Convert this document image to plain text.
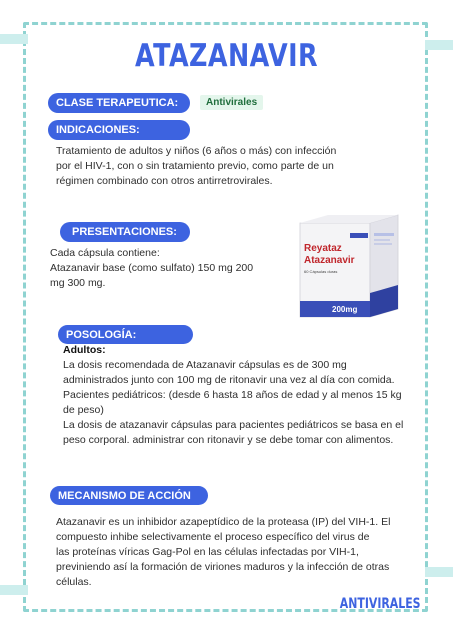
ATAZANAVIR
CLASE TERAPEUTICA:	Antivirales
INDICACIONES:
Tratamiento de adultos y niños (6 años o más) con infección
por el HIV-1, con o sin tratamiento previo, como parte de un
régimen combinado con otros antirretrovirales.
PRESENTACIONES:
Cada cápsula contiene:
Atazanavir base (como sulfato) 150 mg 200
mg 300 mg.
Reyataz
Atazanavir
60 Cápsulas duras
200mg
POSOLOGÍA:
Adultos:
La dosis recomendada de Atazanavir cápsulas es de 300 mg
administrados junto con 100 mg de ritonavir una vez al día con comida.
Pacientes pediátricos: (desde 6 hasta 18 años de edad y al menos 15 kg
de peso)
La dosis de atazanavir cápsulas para pacientes pediátricos se basa en el
peso corporal. administrar con ritonavir y se debe tomar con alimentos.
MECANISMO DE ACCIÓN
Atazanavir es un inhibidor azapeptídico de la proteasa (IP) del VIH-1. El
compuesto inhibe selectivamente el proceso específico del virus de
las proteínas víricas Gag-Pol en las células infectadas por VIH-1,
previniendo así la formación de viriones maduros y la infección de otras
células.
ANTIVIRALES
